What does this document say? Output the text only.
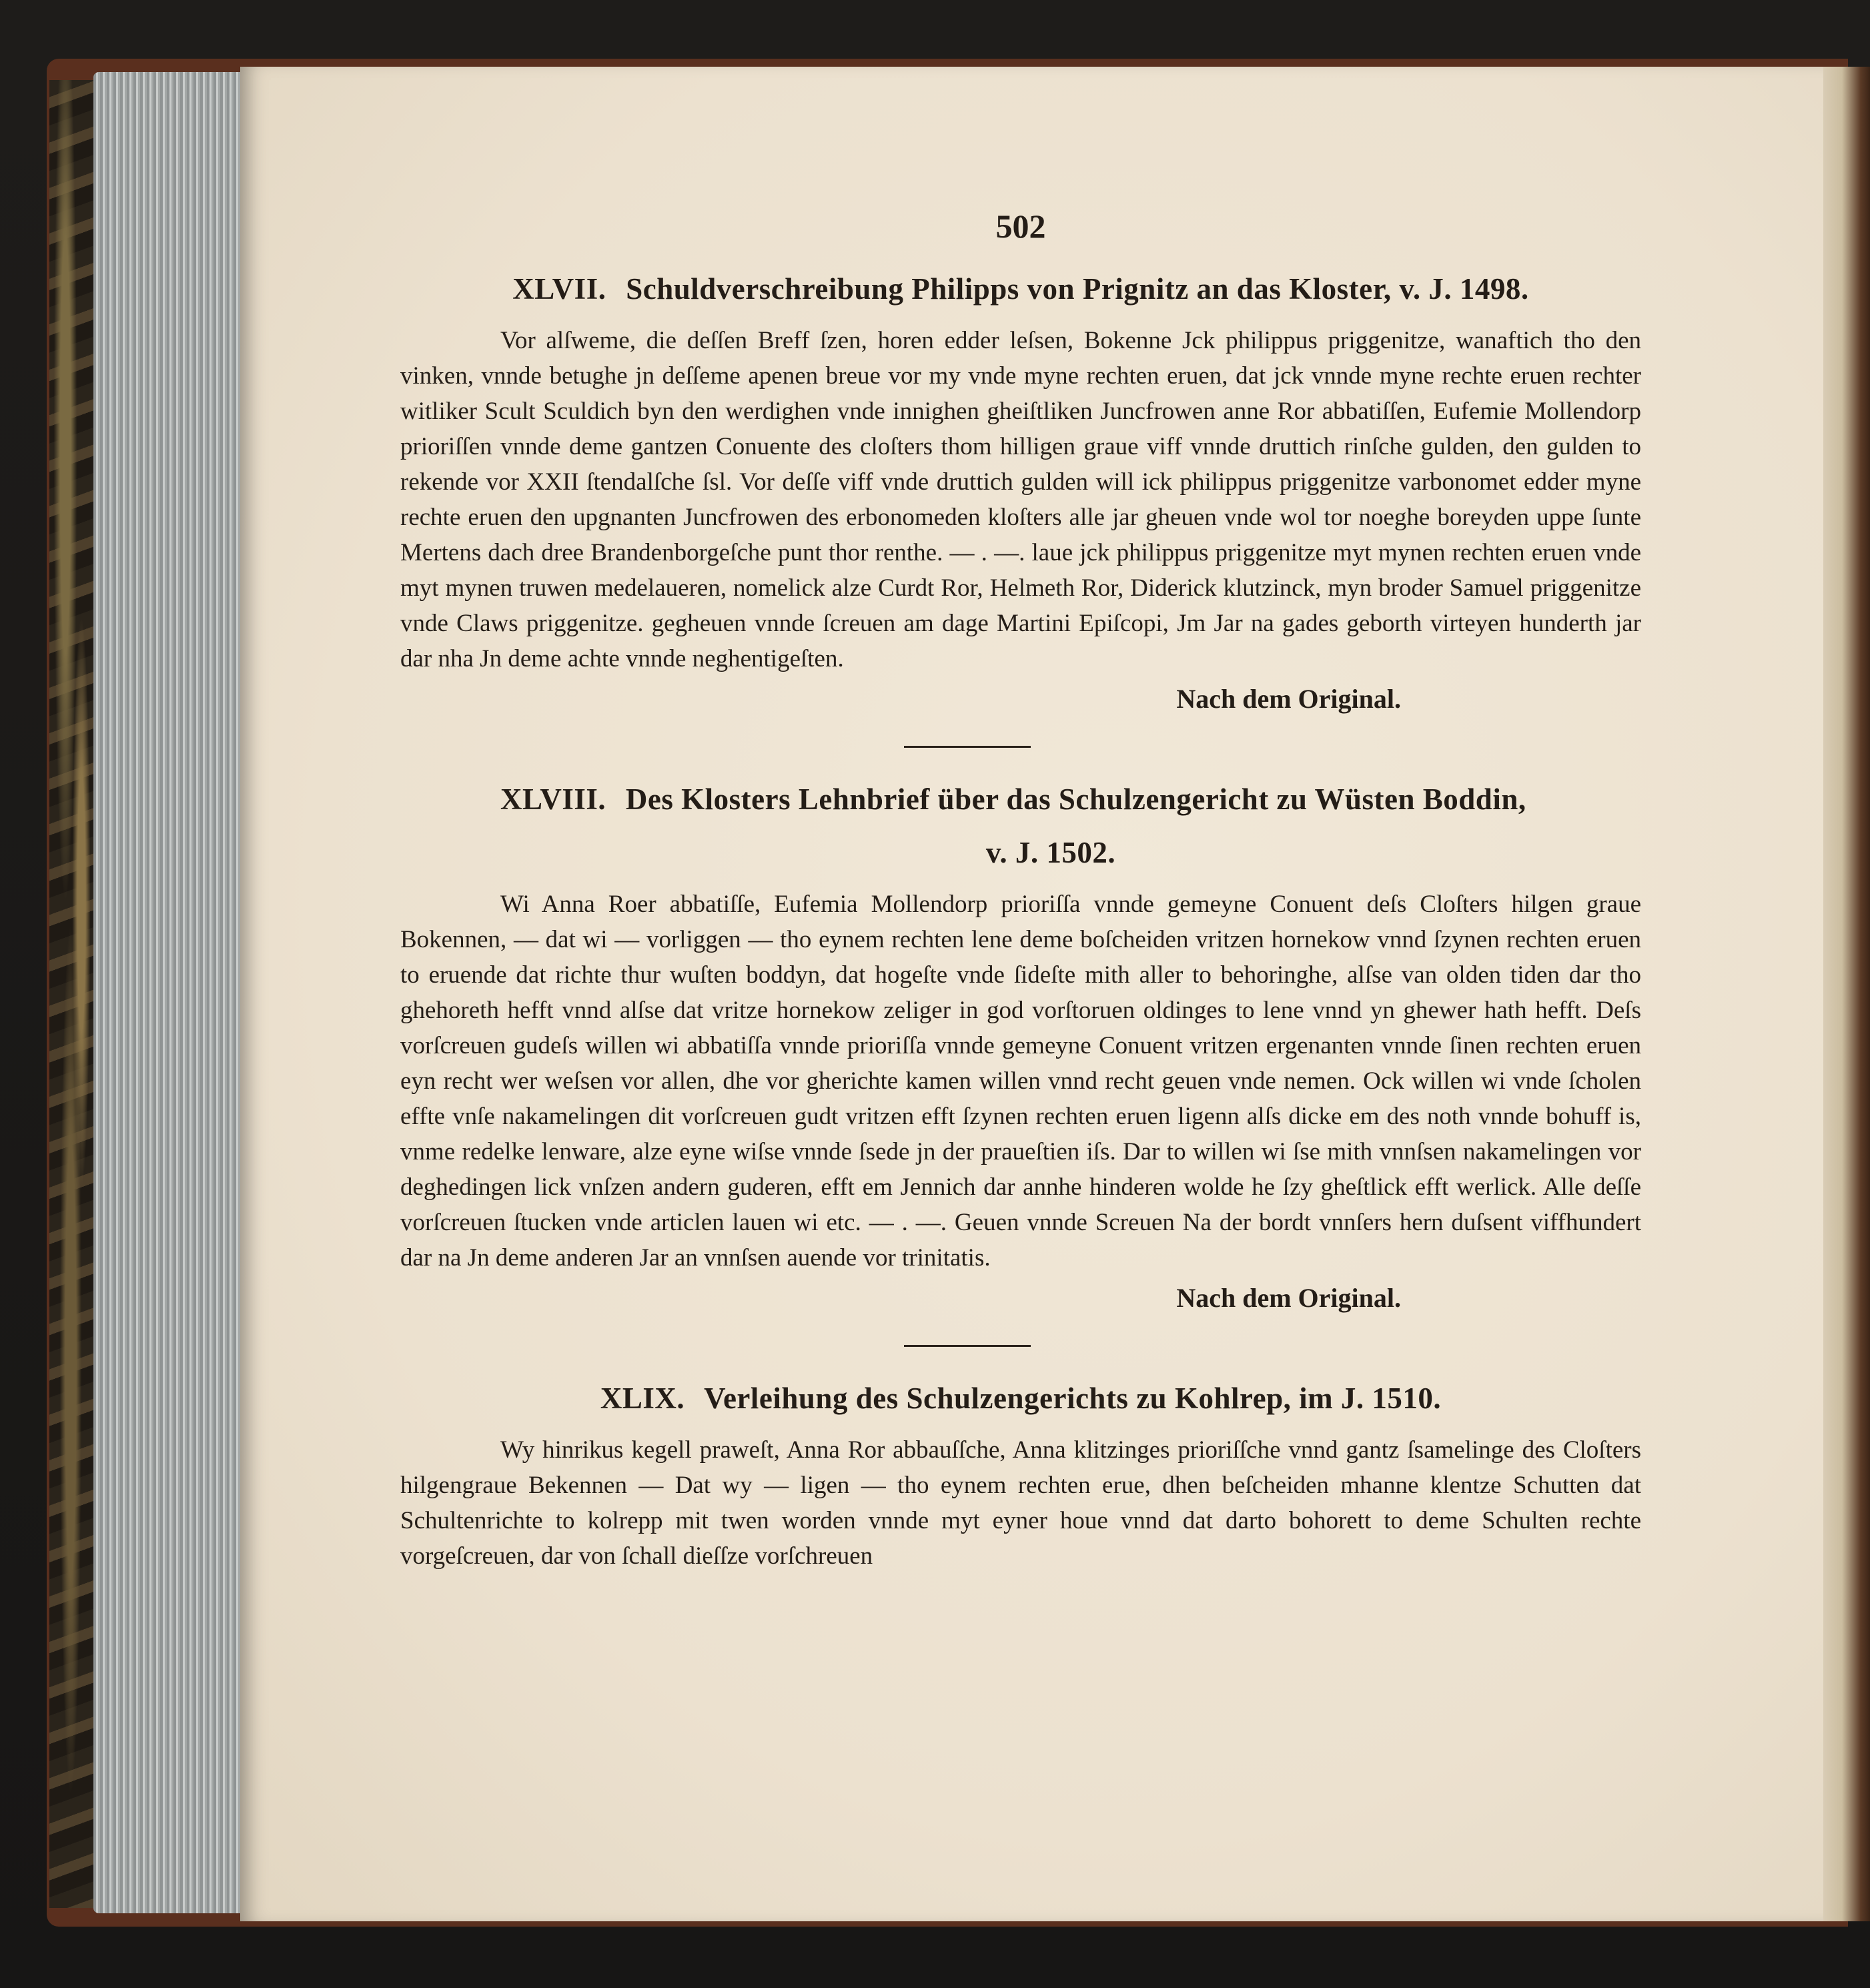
502
XLVII. Schuldverschreibung Philipps von Prignitz an das Kloster, v. J. 1498.

Vor alſweme, die deſſen Breff ſzen, horen edder leſsen, Bokenne Jck philippus priggenitze, wanaftich tho den vinken, vnnde betughe jn deſſeme apenen breue vor my vnde myne rechten eruen, dat jck vnnde myne rechte eruen rechter witliker Scult Sculdich byn den werdighen vnde innighen gheiſtliken Juncfrowen anne Ror abbatiſſen, Eufemie Mollendorp prioriſſen vnnde deme gantzen Conuente des cloſters thom hilligen graue viff vnnde druttich rinſche gulden, den gulden to rekende vor XXII ſtendalſche ſsl. Vor deſſe viff vnde druttich gulden will ick philippus priggenitze varbonomet edder myne rechte eruen den upgnanten Juncfrowen des erbonomeden kloſters alle jar gheuen vnde wol tor noeghe boreyden uppe ſunte Mertens dach dree Brandenborgeſche punt thor renthe. — . —. laue jck philippus priggenitze myt mynen rechten eruen vnde myt mynen truwen medelaueren, nomelick alze Curdt Ror, Helmeth Ror, Diderick klutzinck, myn broder Samuel priggenitze vnde Claws priggenitze. gegheuen vnnde ſcreuen am dage Martini Epiſcopi, Jm Jar na gades geborth virteyen hunderth jar dar nha Jn deme achte vnnde neghentigeſten.

Nach dem Original.
XLVIII. Des Klosters Lehnbrief über das Schulzengericht zu Wüsten Boddin,
v. J. 1502.

Wi Anna Roer abbatiſſe, Eufemia Mollendorp prioriſſa vnnde gemeyne Conuent deſs Cloſters hilgen graue Bokennen, — dat wi — vorliggen — tho eynem rechten lene deme boſcheiden vritzen hornekow vnnd ſzynen rechten eruen to eruende dat richte thur wuſten boddyn, dat hogeſte vnde ſideſte mith aller to behoringhe, alſse van olden tiden dar tho ghehoreth hefft vnnd alſse dat vritze hornekow zeliger in god vorſtoruen oldinges to lene vnnd yn ghewer hath hefft. Deſs vorſcreuen gudeſs willen wi abbatiſſa vnnde prioriſſa vnnde gemeyne Conuent vritzen ergenanten vnnde ſinen rechten eruen eyn recht wer weſsen vor allen, dhe vor gherichte kamen willen vnnd recht geuen vnde nemen. Ock willen wi vnde ſcholen effte vnſe nakamelingen dit vorſcreuen gudt vritzen efft ſzynen rechten eruen ligenn alſs dicke em des noth vnnde bohuff is, vnme redelke lenware, alze eyne wiſse vnnde ſsede jn der praueſtien iſs. Dar to willen wi ſse mith vnnſsen nakamelingen vor deghedingen lick vnſzen andern guderen, efft em Jennich dar annhe hinderen wolde he ſzy gheſtlick efft werlick. Alle deſſe vorſcreuen ſtucken vnde articlen lauen wi etc. — . —. Geuen vnnde Screuen Na der bordt vnnſers hern duſsent viffhundert dar na Jn deme anderen Jar an vnnſsen auende vor trinitatis.

Nach dem Original.
XLIX. Verleihung des Schulzengerichts zu Kohlrep, im J. 1510.

Wy hinrikus kegell praweſt, Anna Ror abbauſſche, Anna klitzinges prioriſſche vnnd gantz ſsamelinge des Cloſters hilgengraue Bekennen — Dat wy — ligen — tho eynem rechten erue, dhen beſcheiden mhanne klentze Schutten dat Schultenrichte to kolrepp mit twen worden vnnde myt eyner houe vnnd dat darto bohorett to deme Schulten rechte vorgeſcreuen, dar von ſchall dieſſze vorſchreuen
